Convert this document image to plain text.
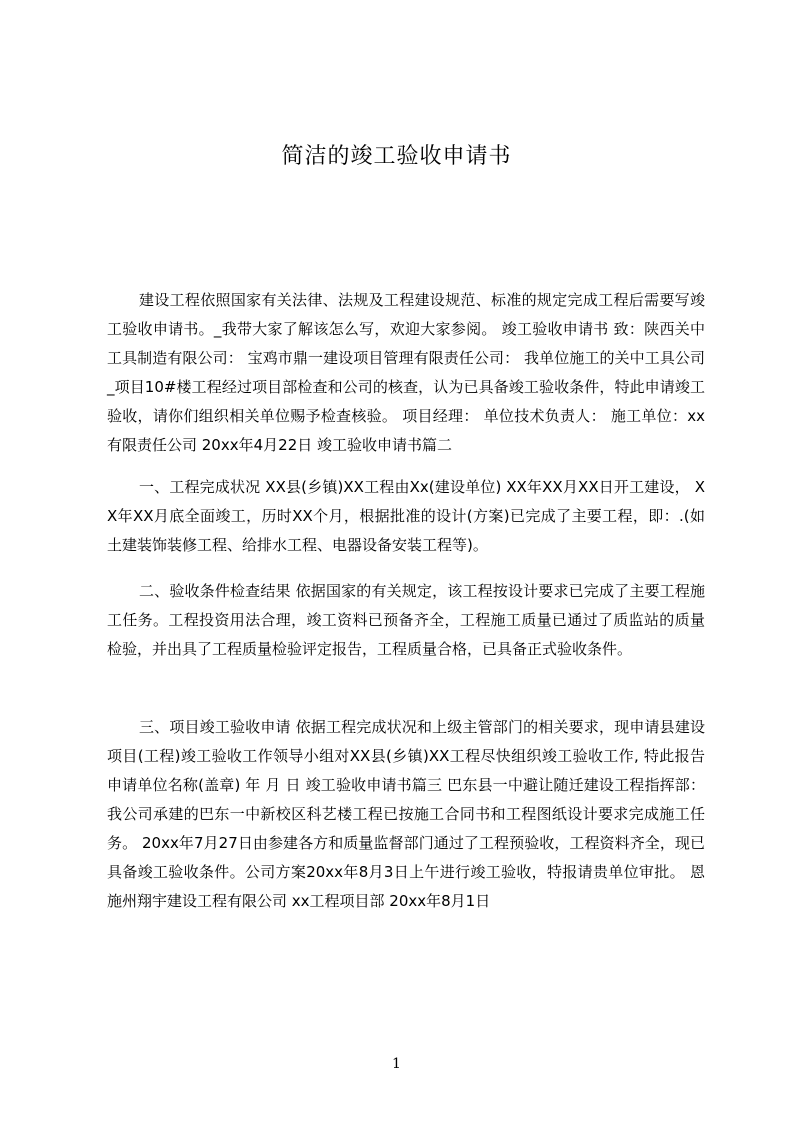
简洁的竣工验收申请书

建设工程依照国家有关法律、法规及工程建设规范、标准的规定完成工程后需要写竣工验收申请书。_我带大家了解该怎么写，欢迎大家参阅。 竣工验收申请书 致：陕西关中工具制造有限公司： 宝鸡市鼎一建设项目管理有限责任公司： 我单位施工的关中工具公司_项目10#楼工程经过项目部检查和公司的核查，认为已具备竣工验收条件，特此申请竣工验收，请你们组织相关单位赐予检查核验。 项目经理： 单位技术负责人： 施工单位：xx有限责任公司 20xx年4月22日 竣工验收申请书篇二

一、工程完成状况 XX县(乡镇)XX工程由Xx(建设单位) XX年XX月XX日开工建设， XX年XX月底全面竣工，历时XX个月，根据批准的设计(方案)已完成了主要工程，即：.(如土建装饰装修工程、给排水工程、电器设备安装工程等)。

二、验收条件检查结果 依据国家的有关规定，该工程按设计要求已完成了主要工程施工任务。工程投资用法合理，竣工资料已预备齐全，工程施工质量已通过了质监站的质量检验，并出具了工程质量检验评定报告，工程质量合格，已具备正式验收条件。

三、项目竣工验收申请 依据工程完成状况和上级主管部门的相关要求，现申请县建设项目(工程)竣工验收工作领导小组对XX县(乡镇)XX工程尽快组织竣工验收工作, 特此报告 申请单位名称(盖章) 年 月 日 竣工验收申请书篇三 巴东县一中避让随迁建设工程指挥部： 我公司承建的巴东一中新校区科艺楼工程已按施工合同书和工程图纸设计要求完成施工任务。 20xx年7月27日由参建各方和质量监督部门通过了工程预验收，工程资料齐全，现已具备竣工验收条件。公司方案20xx年8月3日上午进行竣工验收，特报请贵单位审批。 恩施州翔宇建设工程有限公司 xx工程项目部 20xx年8月1日

1
